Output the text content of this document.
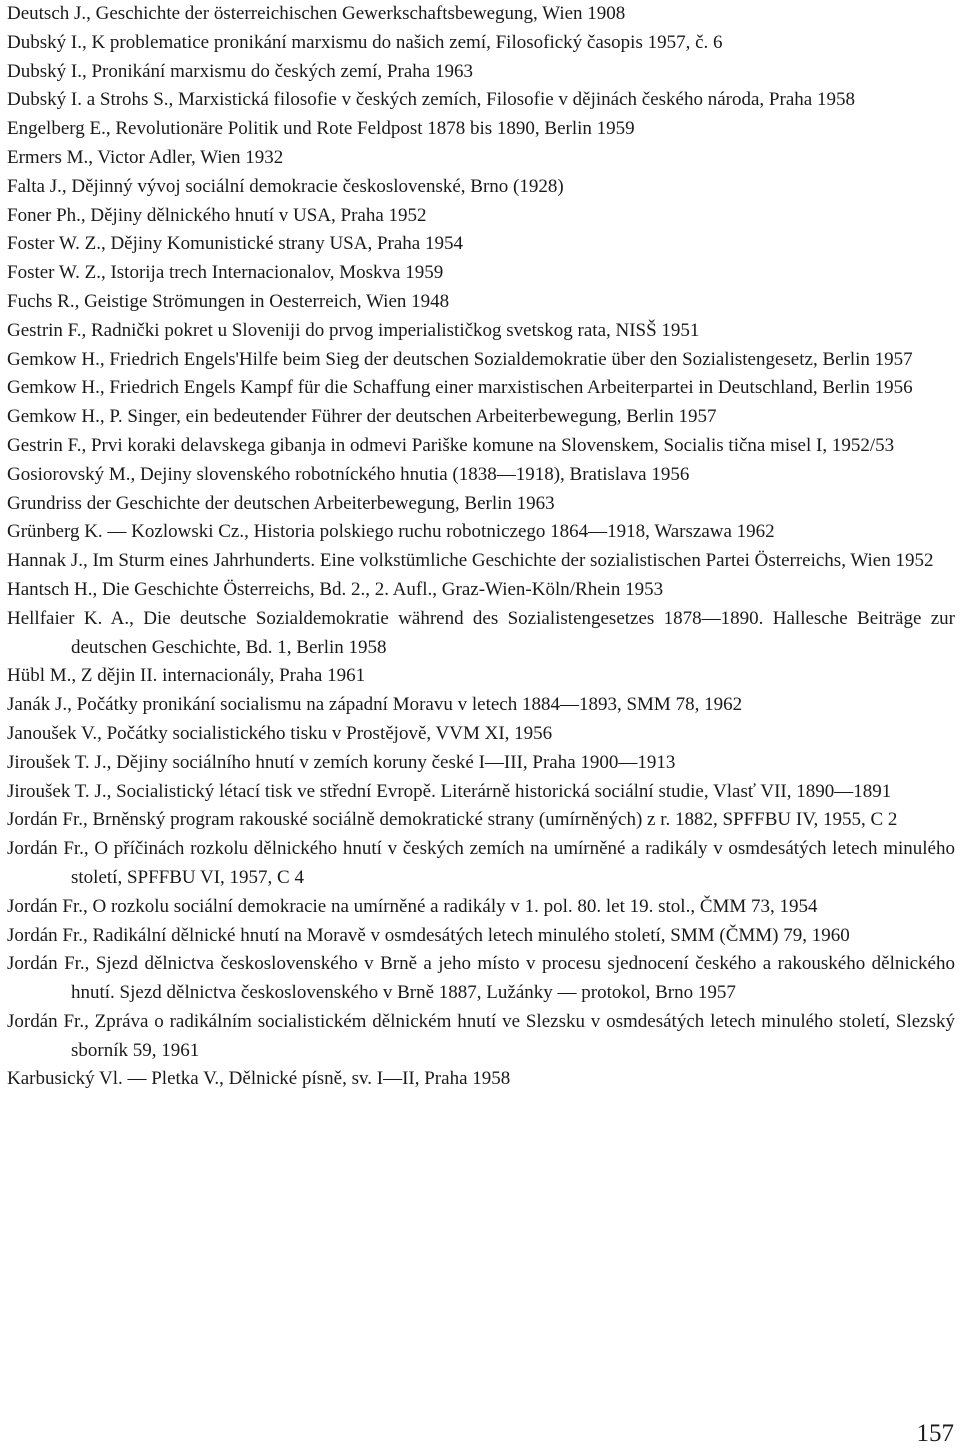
Deutsch J., Geschichte der österreichischen Gewerkschaftsbewegung, Wien 1908

Dubský I., K problematice pronikání marxismu do našich zemí, Filosofický časopis 1957, č. 6

Dubský I., Pronikání marxismu do českých zemí, Praha 1963

Dubský I. a Strohs S., Marxistická filosofie v českých zemích, Filosofie v dějinách českého národa, Praha 1958

Engelberg E., Revolutionäre Politik und Rote Feldpost 1878 bis 1890, Berlin 1959

Ermers M., Victor Adler, Wien 1932

Falta J., Dějinný vývoj sociální demokracie československé, Brno (1928)

Foner Ph., Dějiny dělnického hnutí v USA, Praha 1952

Foster W. Z., Dějiny Komunistické strany USA, Praha 1954

Foster W. Z., Istorija trech Internacionalov, Moskva 1959

Fuchs R., Geistige Strömungen in Oesterreich, Wien 1948

Gestrin F., Radnički pokret u Sloveniji do prvog imperialističkog svetskog rata, NISŠ 1951

Gemkow H., Friedrich Engels'Hilfe beim Sieg der deutschen Sozialdemokratie über den Sozialistengesetz, Berlin 1957

Gemkow H., Friedrich Engels Kampf für die Schaffung einer marxistischen Arbeiterpartei in Deutschland, Berlin 1956

Gemkow H., P. Singer, ein bedeutender Führer der deutschen Arbeiterbewegung, Berlin 1957

Gestrin F., Prvi koraki delavskega gibanja in odmevi Pariške komune na Slovenskem, Socialis tična misel I, 1952/53

Gosiorovský M., Dejiny slovenského robotníckého hnutia (1838—1918), Bratislava 1956

Grundriss der Geschichte der deutschen Arbeiterbewegung, Berlin 1963

Grünberg K. — Kozlowski Cz., Historia polskiego ruchu robotniczego 1864—1918, Warszawa 1962

Hannak J., Im Sturm eines Jahrhunderts. Eine volkstümliche Geschichte der sozialistischen Partei Österreichs, Wien 1952

Hantsch H., Die Geschichte Österreichs, Bd. 2., 2. Aufl., Graz-Wien-Köln/Rhein 1953

Hellfaier K. A., Die deutsche Sozialdemokratie während des Sozialistengesetzes 1878—1890. Hallesche Beiträge zur deutschen Geschichte, Bd. 1, Berlin 1958

Hübl M., Z dějin II. internacionály, Praha 1961

Janák J., Počátky pronikání socialismu na západní Moravu v letech 1884—1893, SMM 78, 1962

Janoušek V., Počátky socialistického tisku v Prostějově, VVM XI, 1956

Jiroušek T. J., Dějiny sociálního hnutí v zemích koruny české I—III, Praha 1900—1913

Jiroušek T. J., Socialistický létací tisk ve střední Evropě. Literárně historická sociální studie, Vlasť VII, 1890—1891

Jordán Fr., Brněnský program rakouské sociálně demokratické strany (umírněných) z r. 1882, SPFFBU IV, 1955, C 2

Jordán Fr., O příčinách rozkolu dělnického hnutí v českých zemích na umírněné a radikály v osmdesátých letech minulého století, SPFFBU VI, 1957, C 4

Jordán Fr., O rozkolu sociální demokracie na umírněné a radikály v 1. pol. 80. let 19. stol., ČMM 73, 1954

Jordán Fr., Radikální dělnické hnutí na Moravě v osmdesátých letech minulého století, SMM (ČMM) 79, 1960

Jordán Fr., Sjezd dělnictva československého v Brně a jeho místo v procesu sjednocení českého a rakouského dělnického hnutí. Sjezd dělnictva československého v Brně 1887, Lužánky — protokol, Brno 1957

Jordán Fr., Zpráva o radikálním socialistickém dělnickém hnutí ve Slezsku v osmdesátých letech minulého století, Slezský sborník 59, 1961

Karbusický Vl. — Pletka V., Dělnické písně, sv. I—II, Praha 1958

157
